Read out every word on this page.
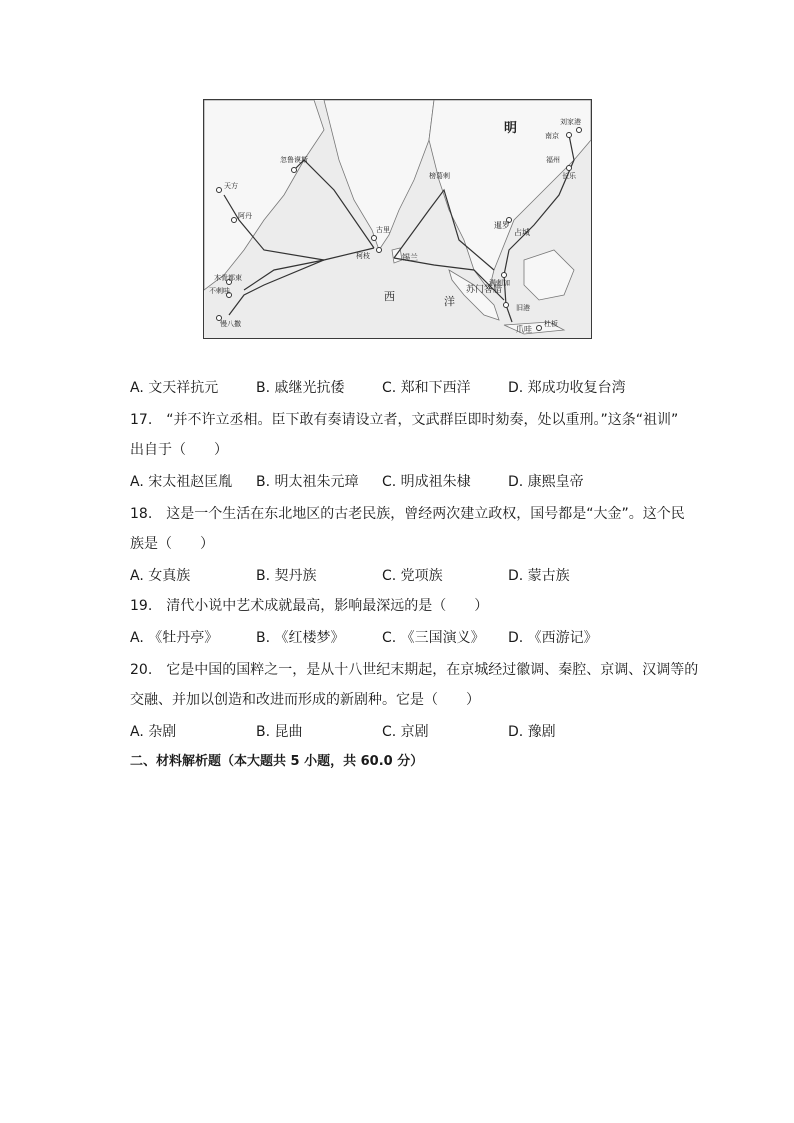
明
西	洋
南京
刘家港
福州
长乐
天方
阿丹
忽鲁谟斯
榜葛剌
暹罗
占城
古里
柯枝	锡兰
满剌加
旧港
苏门答腊
木骨都束
不剌哇
慢八撒
爪哇
杜板
A. 文天祥抗元	B. 戚继光抗倭	C. 郑和下西洋	D. 郑成功收复台湾
17. “并不许立丞相。臣下敢有奏请设立者，文武群臣即时劾奏，处以重刑。”这条“祖训”
出自于（　　）
A. 宋太祖赵匡胤 B. 明太祖朱元璋 C. 明成祖朱棣	D. 康熙皇帝
18. 这是一个生活在东北地区的古老民族，曾经两次建立政权，国号都是“大金”。这个民
族是（　　）
A. 女真族	B. 契丹族	C. 党项族	D. 蒙古族
19. 清代小说中艺术成就最高，影响最深远的是（　　）
A. 《牡丹亭》	B. 《红楼梦》	C. 《三国演义》 D. 《西游记》
20. 它是中国的国粹之一，是从十八世纪末期起，在京城经过徽调、秦腔、京调、汉调等的
交融、并加以创造和改进而形成的新剧种。它是（　　）
A. 杂剧	B. 昆曲	C. 京剧	D. 豫剧
二、材料解析题（本大题共 5 小题，共 60.0 分）
